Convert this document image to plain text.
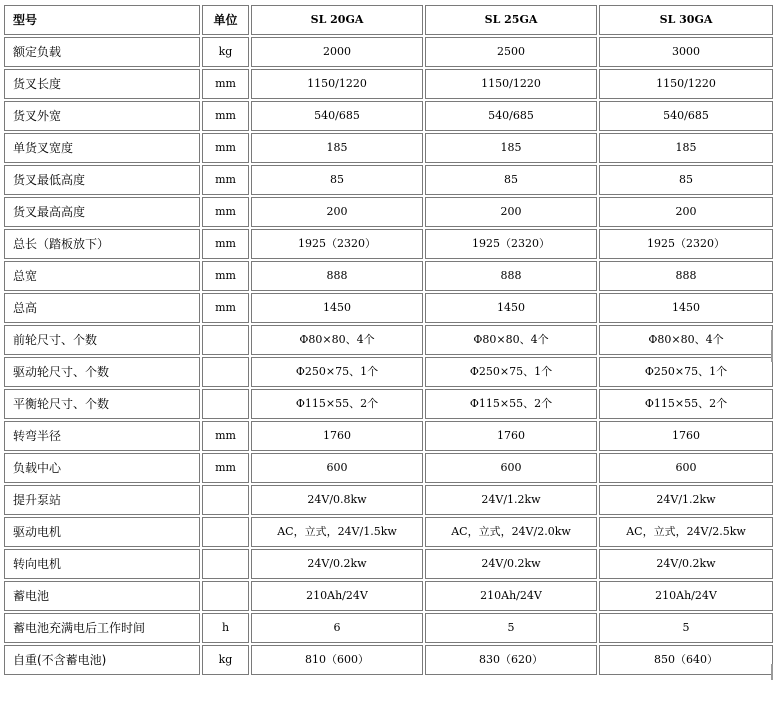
型号	单位	SL 20GA	SL 25GA	SL 30GA
额定负载	kg	2000	2500	3000
货叉长度	mm	1150/1220	1150/1220	1150/1220
货叉外宽	mm	540/685	540/685	540/685
单货叉宽度	mm	185	185	185
货叉最低高度	mm	85	85	85
货叉最高高度	mm	200	200	200
总长（踏板放下）	mm	1925（2320）	1925（2320）	1925（2320）
总宽	mm	888	888	888
总高	mm	1450	1450	1450
前轮尺寸、个数		Φ80×80、4个	Φ80×80、4个	Φ80×80、4个
驱动轮尺寸、个数		Φ250×75、1个	Φ250×75、1个	Φ250×75、1个
平衡轮尺寸、个数		Φ115×55、2个	Φ115×55、2个	Φ115×55、2个
转弯半径	mm	1760	1760	1760
负载中心	mm	600	600	600
提升泵站		24V/0.8kw	24V/1.2kw	24V/1.2kw
驱动电机		AC，立式，24V/1.5kw	AC，立式，24V/2.0kw	AC，立式，24V/2.5kw
转向电机		24V/0.2kw	24V/0.2kw	24V/0.2kw
蓄电池		210Ah/24V	210Ah/24V	210Ah/24V
蓄电池充满电后工作时间	h	6	5	5
自重(不含蓄电池)	kg	810（600）	830（620）	850（640）
